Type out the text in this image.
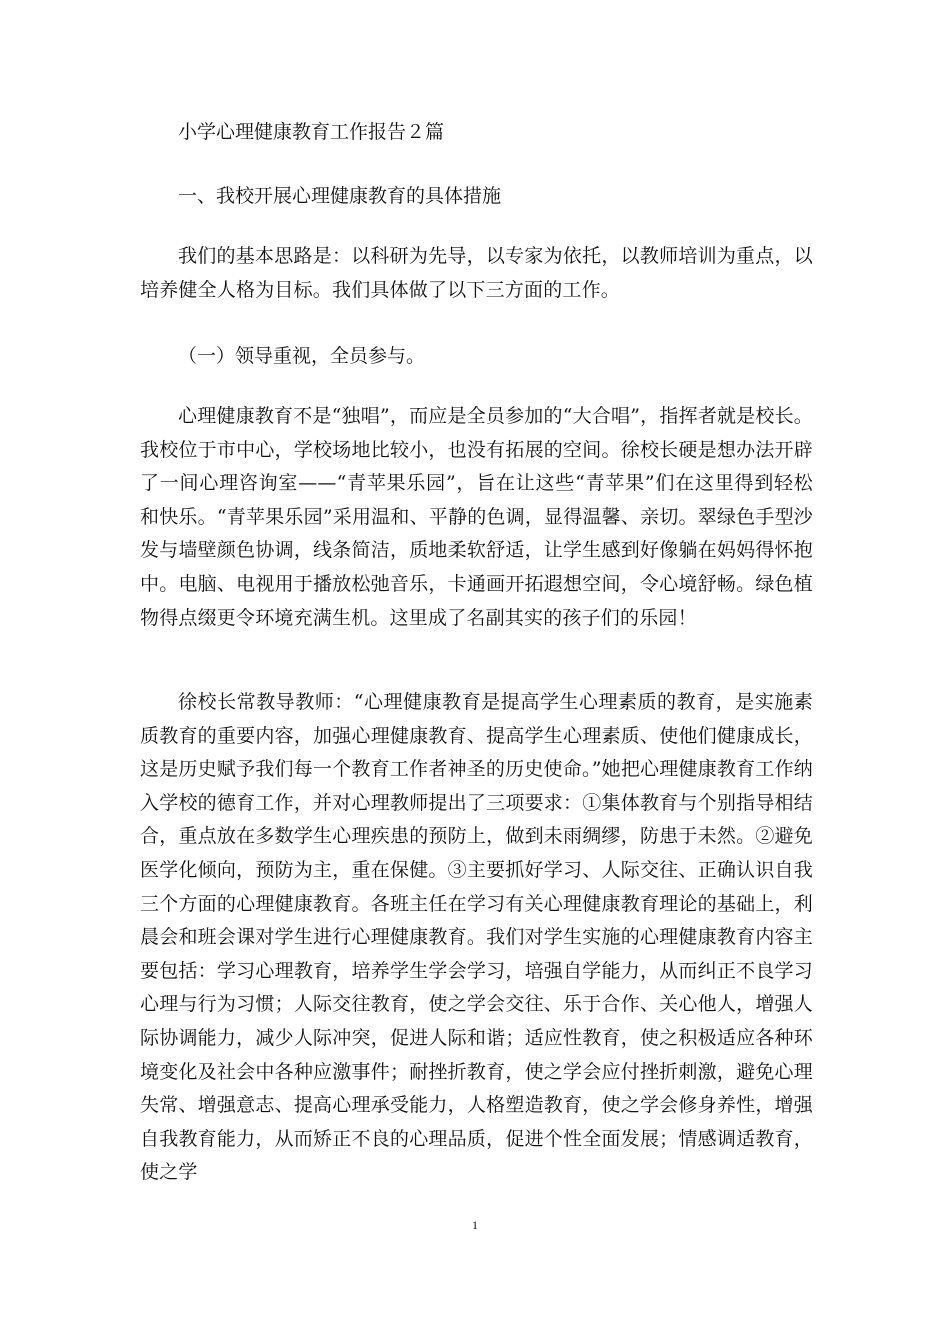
小学心理健康教育工作报告２篇

一、我校开展心理健康教育的具体措施

我们的基本思路是：以科研为先导，以专家为依托，以教师培训为重点，以培养健全人格为目标。我们具体做了以下三方面的工作。

（一）领导重视，全员参与。

心理健康教育不是“独唱”，而应是全员参加的“大合唱”，指挥者就是校长。我校位于市中心，学校场地比较小，也没有拓展的空间。徐校长硬是想办法开辟了一间心理咨询室——“青苹果乐园”，旨在让这些“青苹果”们在这里得到轻松和快乐。“青苹果乐园”采用温和、平静的色调，显得温馨、亲切。翠绿色手型沙发与墙壁颜色协调，线条简洁，质地柔软舒适，让学生感到好像躺在妈妈得怀抱中。电脑、电视用于播放松弛音乐，卡通画开拓遐想空间，令心境舒畅。绿色植物得点缀更令环境充满生机。这里成了名副其实的孩子们的乐园！

徐校长常教导教师：“心理健康教育是提高学生心理素质的教育，是实施素质教育的重要内容，加强心理健康教育、提高学生心理素质、使他们健康成长，这是历史赋予我们每一个教育工作者神圣的历史使命。”她把心理健康教育工作纳入学校的德育工作，并对心理教师提出了三项要求：①集体教育与个别指导相结合，重点放在多数学生心理疾患的预防上，做到未雨绸缪，防患于未然。②避免医学化倾向，预防为主，重在保健。③主要抓好学习、人际交往、正确认识自我三个方面的心理健康教育。各班主任在学习有关心理健康教育理论的基础上，利晨会和班会课对学生进行心理健康教育。我们对学生实施的心理健康教育内容主要包括：学习心理教育，培养学生学会学习，培强自学能力，从而纠正不良学习心理与行为习惯；人际交往教育，使之学会交往、乐于合作、关心他人，增强人际协调能力，减少人际冲突，促进人际和谐；适应性教育，使之积极适应各种环境变化及社会中各种应激事件；耐挫折教育，使之学会应付挫折刺激，避免心理失常、增强意志、提高心理承受能力，人格塑造教育，使之学会修身养性，增强自我教育能力，从而矫正不良的心理品质，促进个性全面发展；情感调适教育，使之学

1
